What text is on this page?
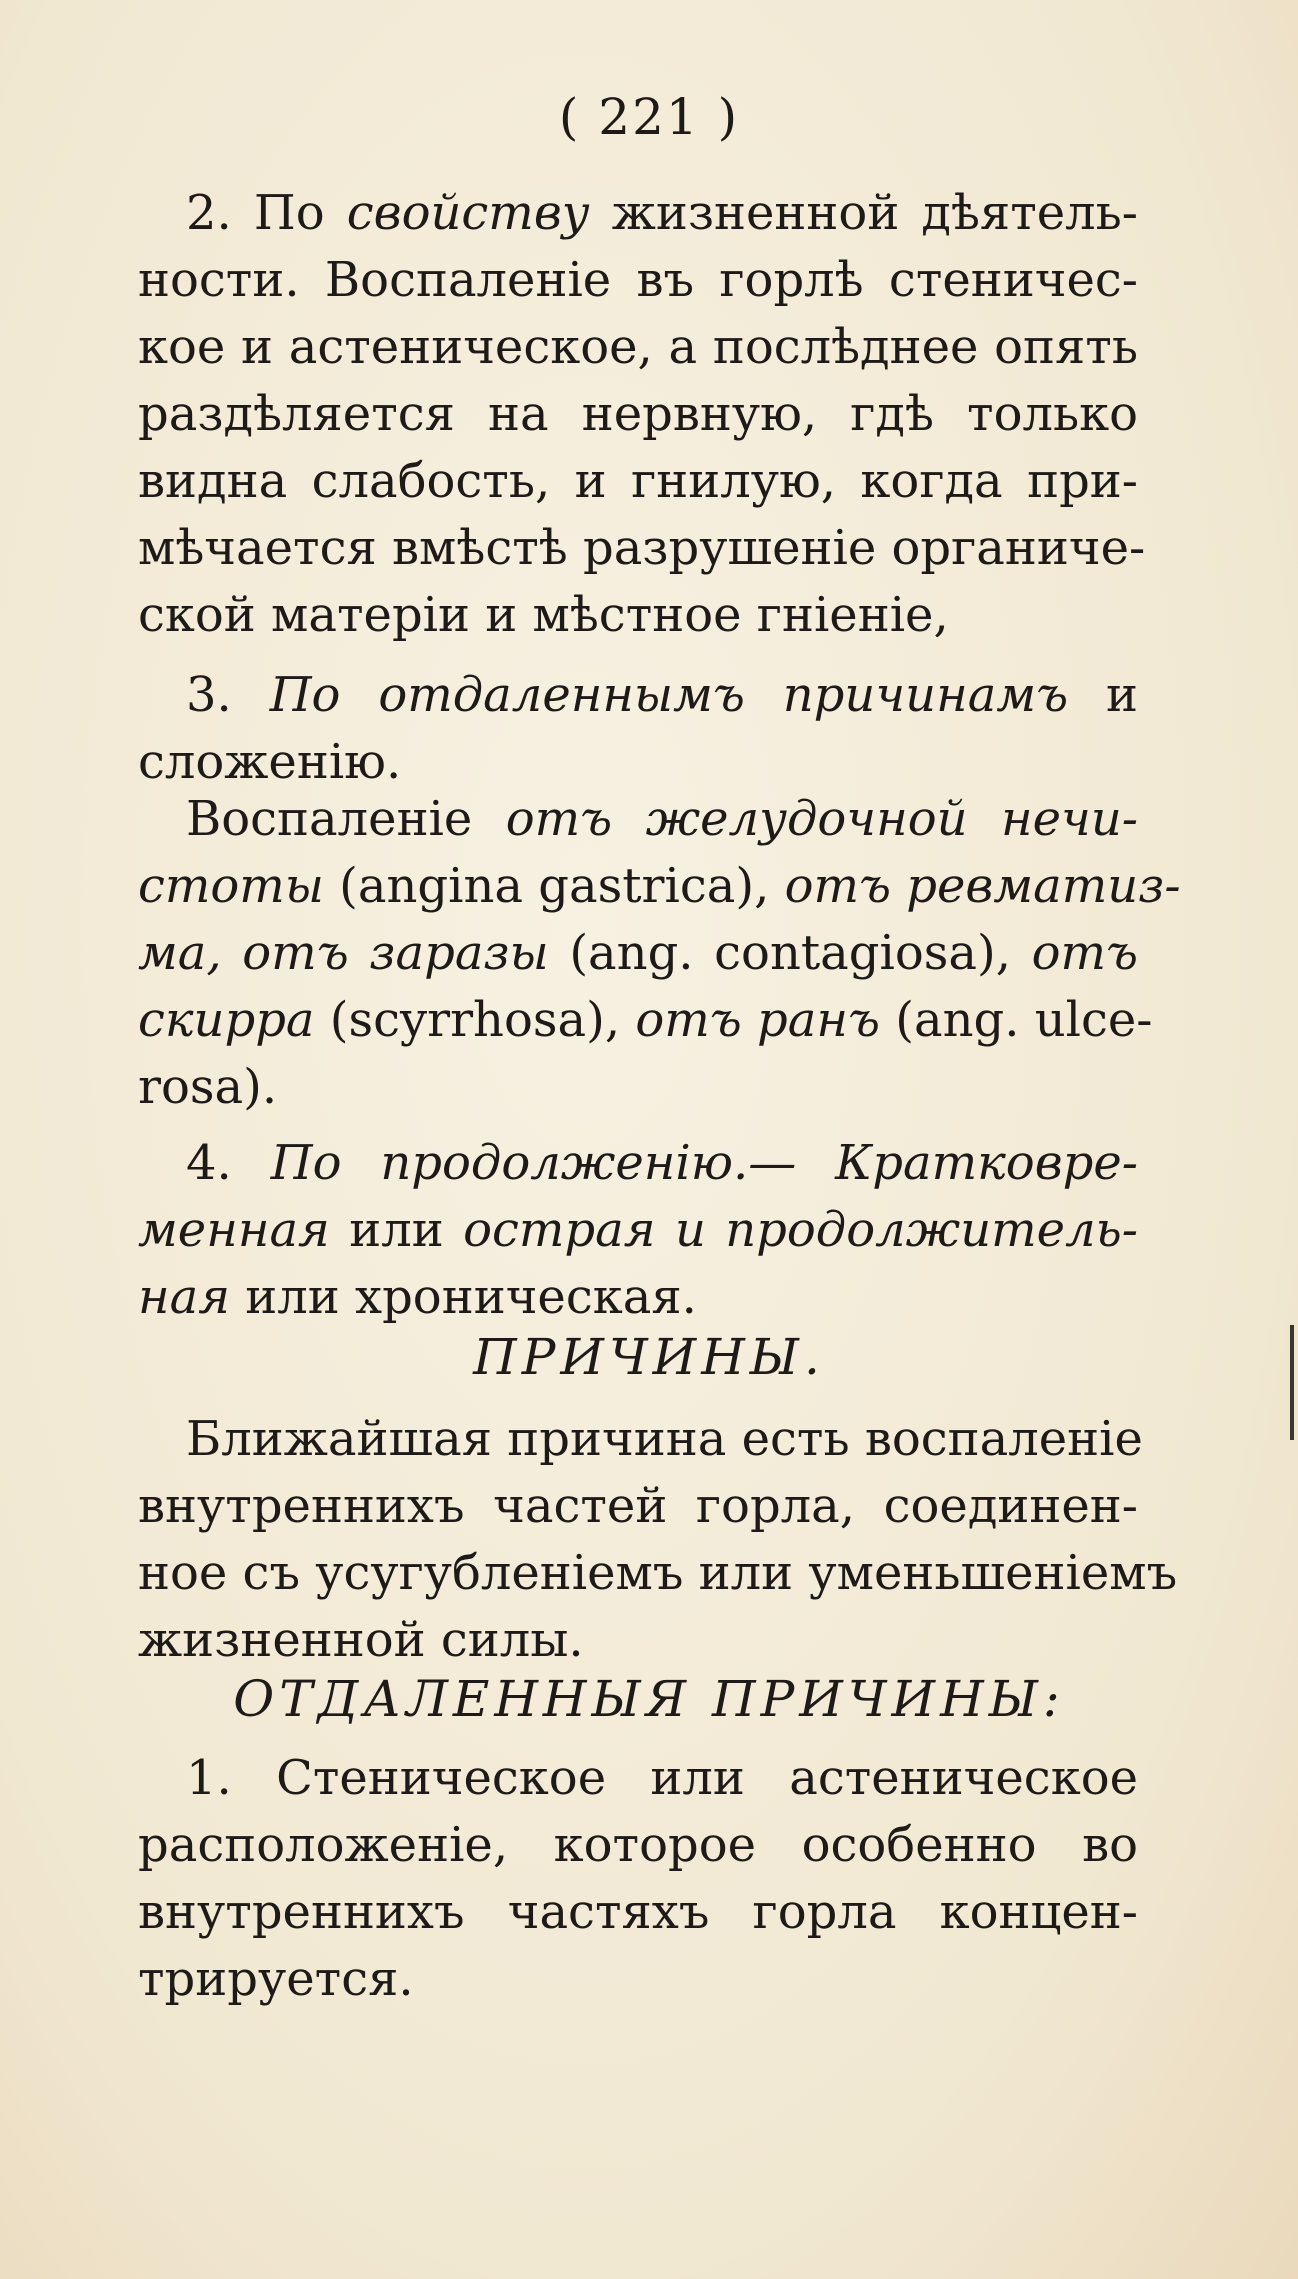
( 221 )
2. По свойству жизненной дѣятель-
ности. Воспаленіе въ горлѣ стеничес-
кое и астеническое, а послѣднее опять
раздѣляется на нервную, гдѣ только
видна слабость, и гнилую, когда при-
мѣчается вмѣстѣ разрушеніе органиче-
ской матеріи и мѣстное гніеніе,
3. По отдаленнымъ причинамъ и
сложенію.
Воспаленіе отъ желудочной нечи-
стоты (angina gastrica), отъ ревматиз-
ма, отъ заразы (ang. contagiosa), отъ
скирра (scyrrhosa), отъ ранъ (ang. ulce-
rosa).
4. По продолженію.— Кратковре-
менная или острая и продолжитель-
ная или хроническая.
ПРИЧИНЫ.
Ближайшая причина есть воспаленіе
внутреннихъ частей горла, соединен-
ное съ усугубленіемъ или уменьшеніемъ
жизненной силы.
ОТДАЛЕННЫЯ ПРИЧИНЫ:
1. Стеническое или астеническое
расположеніе, которое особенно во
внутреннихъ частяхъ горла концен-
трируется.
